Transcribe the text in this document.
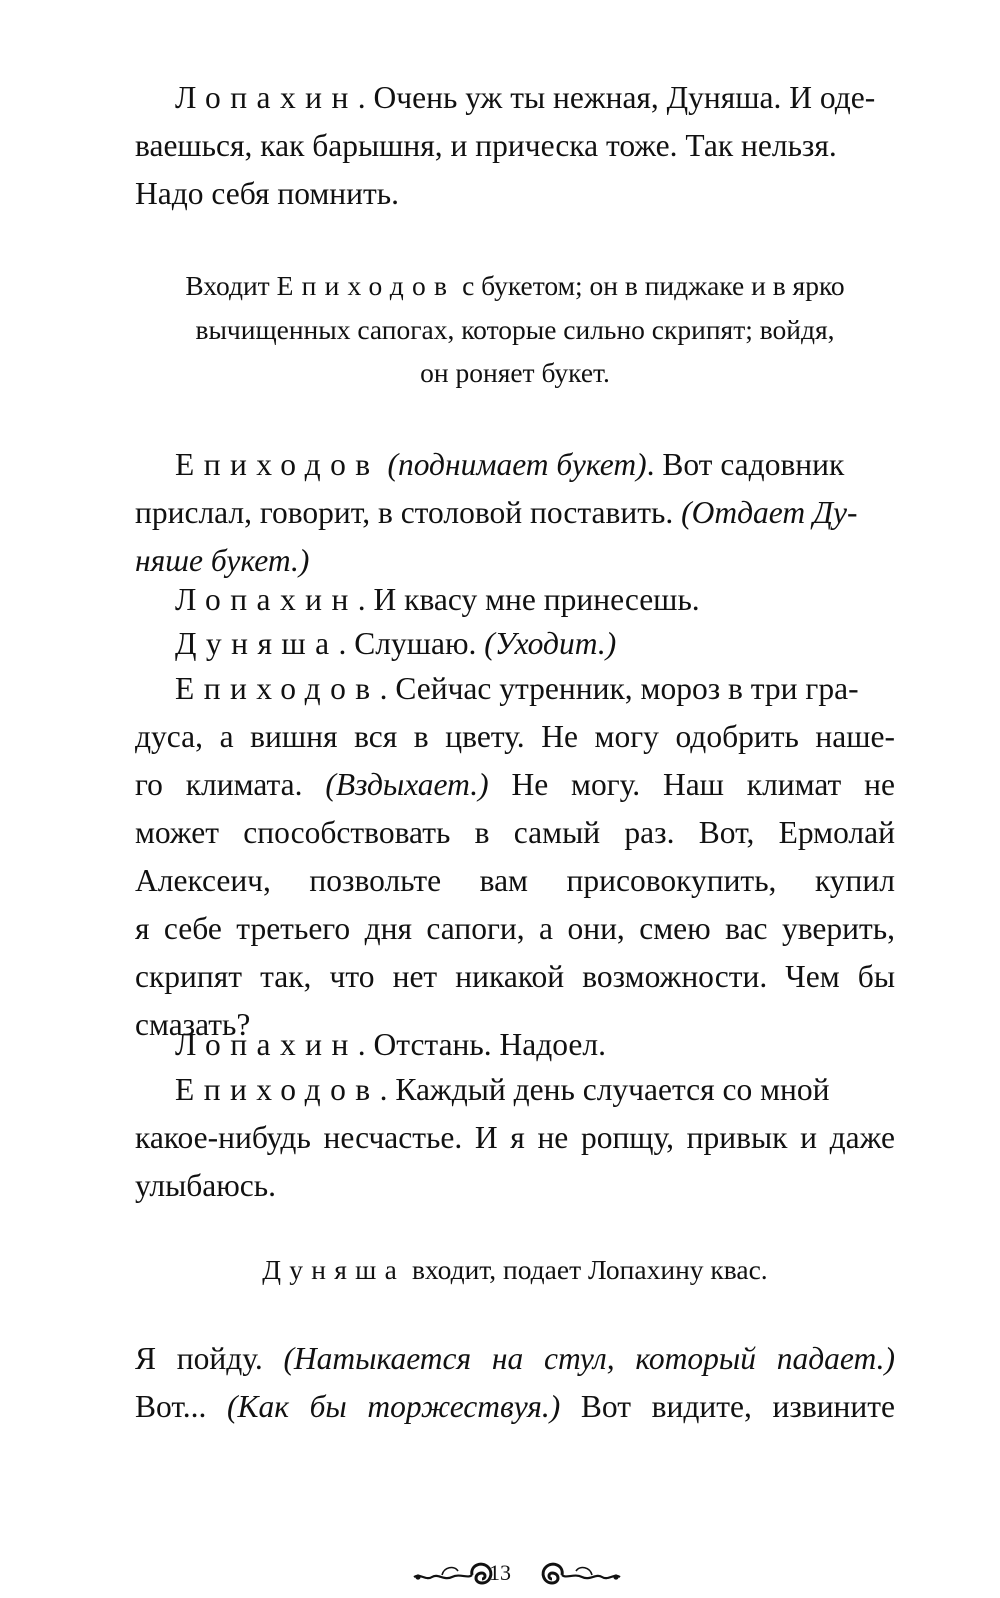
Лопахин. Очень уж ты нежная, Дуняша. И оде-
ваешься, как барышня, и прическа тоже. Так нельзя.
Надо себя помнить.
Входит Епиходов с букетом; он в пиджаке и в ярко
вычищенных сапогах, которые сильно скрипят; войдя,
он роняет букет.
Епиходов (поднимает букет). Вот садовник
прислал, говорит, в столовой поставить. (Отдает Ду-
няше букет.)
Лопахин. И квасу мне принесешь.
Дуняша. Слушаю. (Уходит.)
Епиходов. Сейчас утренник, мороз в три гра-
дуса, а вишня вся в цвету. Не могу одобрить наше-
го климата. (Вздыхает.) Не могу. Наш климат не
может способствовать в самый раз. Вот, Ермолай
Алексеич, позвольте вам присовокупить, купил
я себе третьего дня сапоги, а они, смею вас уверить,
скрипят так, что нет никакой возможности. Чем бы
смазать?
Лопахин. Отстань. Надоел.
Епиходов. Каждый день случается со мной
какое-нибудь несчастье. И я не ропщу, привык и даже
улыбаюсь.
Дуняша входит, подает Лопахину квас.
Я пойду. (Натыкается на стул, который падает.)
Вот... (Как бы торжествуя.) Вот видите, извините
13
